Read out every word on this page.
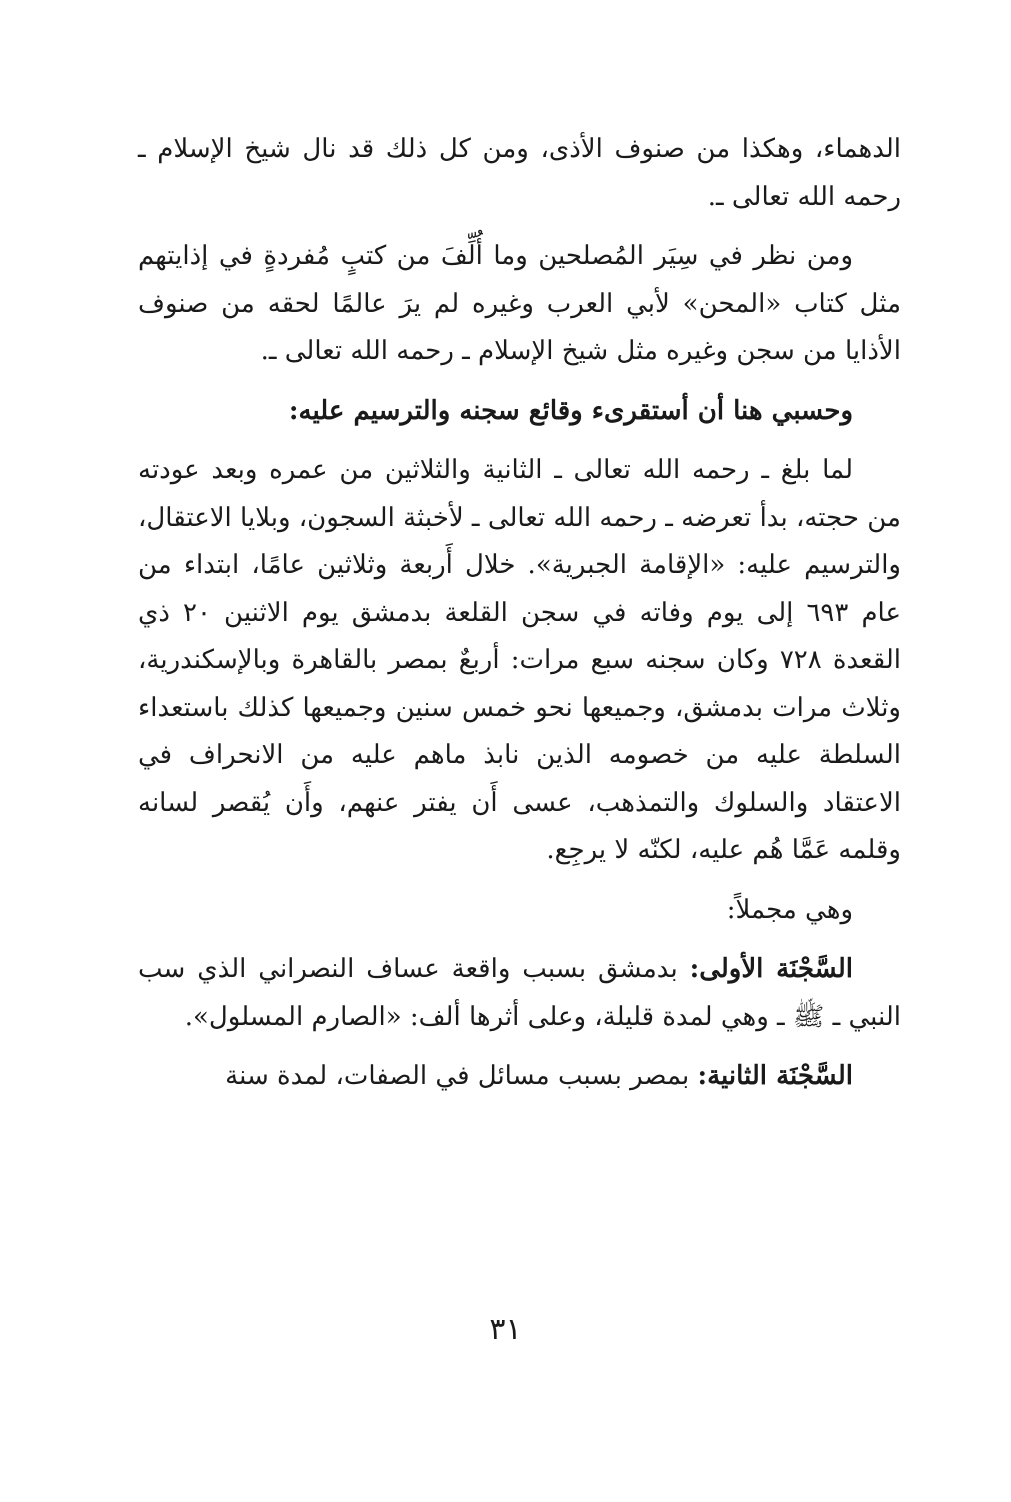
الدهماء، وهكذا من صنوف الأذى، ومن كل ذلك قد نال شيخ الإسلام ـ رحمه الله تعالى ـ.

ومن نظر في سِيَر المُصلحين وما أُلِّفَ من كتبٍ مُفردةٍ في إذايتهم مثل كتاب «المحن» لأبي العرب وغيره لم يرَ عالمًا لحقه من صنوف الأذايا من سجن وغيره مثل شيخ الإسلام ـ رحمه الله تعالى ـ.

وحسبي هنا أن أستقرىء وقائع سجنه والترسيم عليه:

لما بلغ ـ رحمه الله تعالى ـ الثانية والثلاثين من عمره وبعد عودته من حجته، بدأ تعرضه ـ رحمه الله تعالى ـ لأخبثة السجون، وبلايا الاعتقال، والترسيم عليه: «الإقامة الجبرية». خلال أَربعة وثلاثين عامًا، ابتداء من عام ٦٩٣ إلى يوم وفاته في سجن القلعة بدمشق يوم الاثنين ٢٠ ذي القعدة ٧٢٨ وكان سجنه سبع مرات: أربعٌ بمصر بالقاهرة وبالإسكندرية، وثلاث مرات بدمشق، وجميعها نحو خمس سنين وجميعها كذلك باستعداء السلطة عليه من خصومه الذين نابذ ماهم عليه من الانحراف في الاعتقاد والسلوك والتمذهب، عسى أَن يفتر عنهم، وأَن يُقصر لسانه وقلمه عَمَّا هُم عليه، لكنّه لا يرجِع.

وهي مجملاً:

السَّجْنَة الأولى: بدمشق بسبب واقعة عساف النصراني الذي سب النبي ـ ﷺ ـ وهي لمدة قليلة، وعلى أثرها ألف: «الصارم المسلول».

السَّجْنَة الثانية: بمصر بسبب مسائل في الصفات، لمدة سنة

٣١
